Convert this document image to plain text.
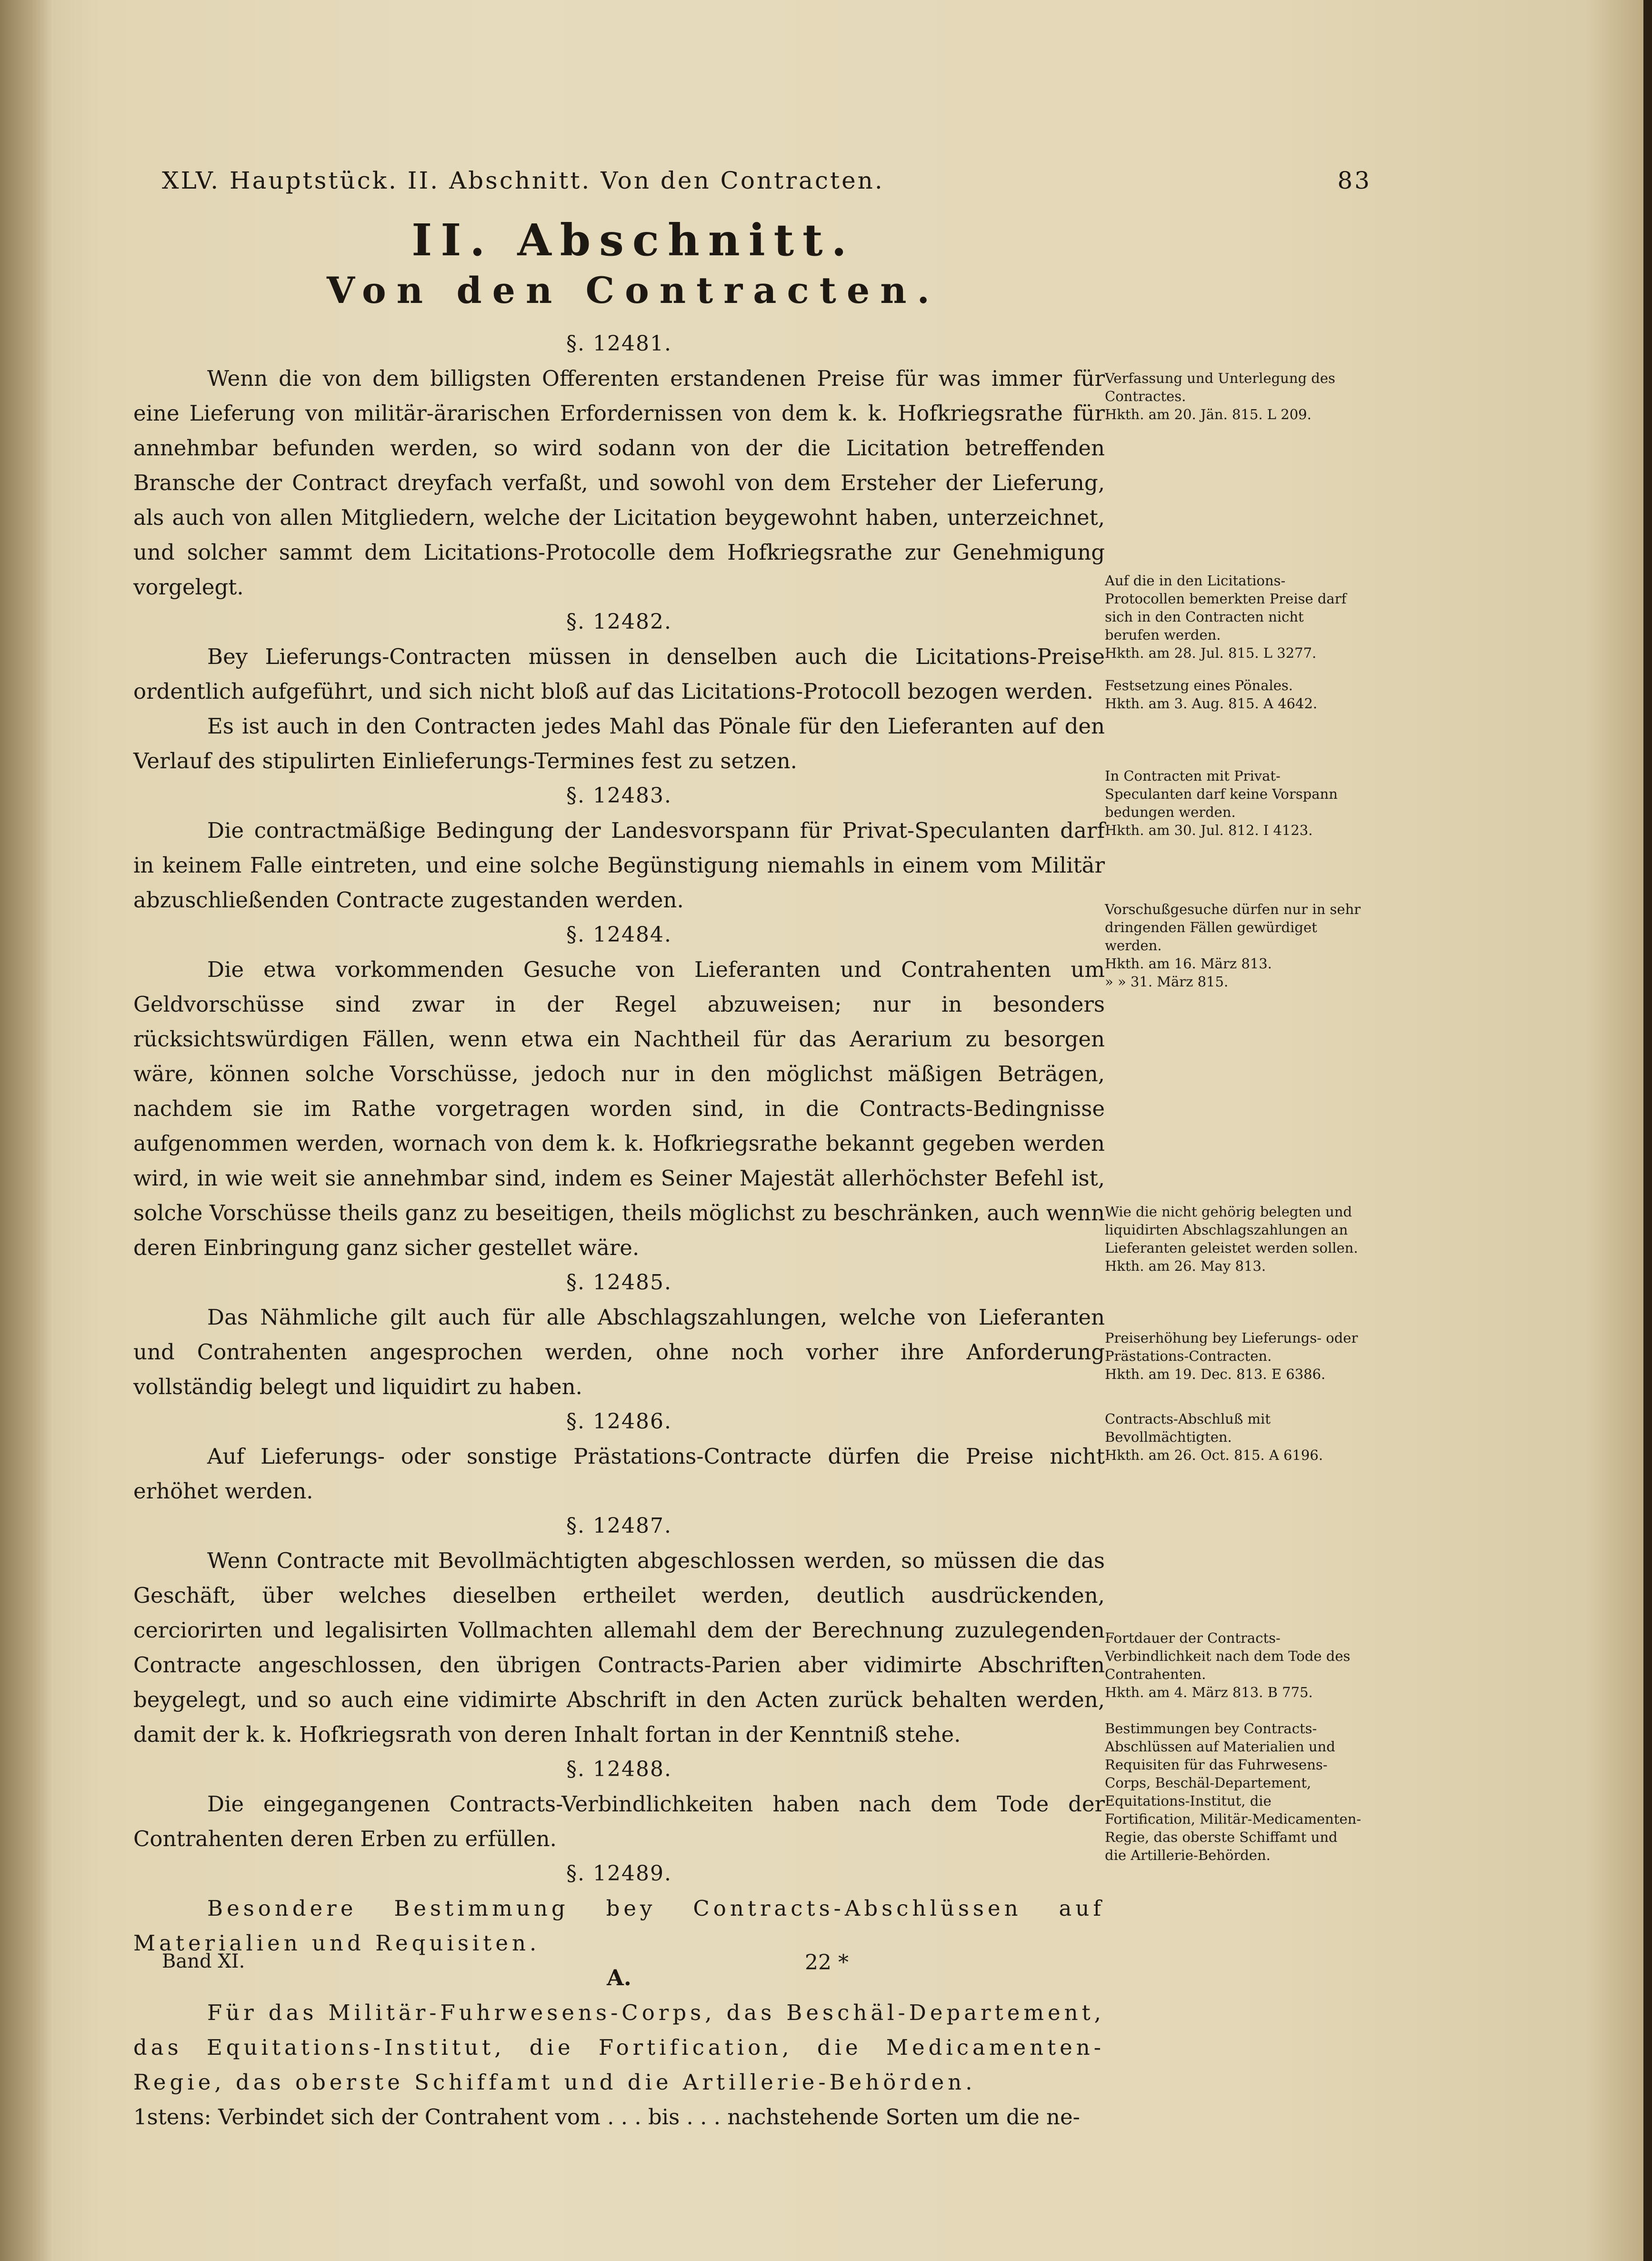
XLV. Hauptstück. II. Abschnitt. Von den Contracten.	83
II. Abschnitt.
Von den Contracten.
§. 12481.

Wenn die von dem billigsten Offerenten erstandenen Preise für was immer für eine Lieferung von militär-ärarischen Erfordernissen von dem k. k. Hofkriegsrathe für annehmbar befunden werden, so wird sodann von der die Licitation betreffenden Bransche der Contract dreyfach verfaßt, und sowohl von dem Ersteher der Lieferung, als auch von allen Mitgliedern, welche der Licitation beygewohnt haben, unterzeichnet, und solcher sammt dem Licitations-Protocolle dem Hofkriegsrathe zur Genehmigung vorgelegt.

§. 12482.

Bey Lieferungs-Contracten müssen in denselben auch die Licitations-Preise ordentlich aufgeführt, und sich nicht bloß auf das Licitations-Protocoll bezogen werden.

Es ist auch in den Contracten jedes Mahl das Pönale für den Lieferanten auf den Verlauf des stipulirten Einlieferungs-Termines fest zu setzen.

§. 12483.

Die contractmäßige Bedingung der Landesvorspann für Privat-Speculanten darf in keinem Falle eintreten, und eine solche Begünstigung niemahls in einem vom Militär abzuschließenden Contracte zugestanden werden.

§. 12484.

Die etwa vorkommenden Gesuche von Lieferanten und Contrahenten um Geldvorschüsse sind zwar in der Regel abzuweisen; nur in besonders rücksichtswürdigen Fällen, wenn etwa ein Nachtheil für das Aerarium zu besorgen wäre, können solche Vorschüsse, jedoch nur in den möglichst mäßigen Beträgen, nachdem sie im Rathe vorgetragen worden sind, in die Contracts-Bedingnisse aufgenommen werden, wornach von dem k. k. Hofkriegsrathe bekannt gegeben werden wird, in wie weit sie annehmbar sind, indem es Seiner Majestät allerhöchster Befehl ist, solche Vorschüsse theils ganz zu beseitigen, theils möglichst zu beschränken, auch wenn deren Einbringung ganz sicher gestellet wäre.

§. 12485.

Das Nähmliche gilt auch für alle Abschlagszahlungen, welche von Lieferanten und Contrahenten angesprochen werden, ohne noch vorher ihre Anforderung vollständig belegt und liquidirt zu haben.

§. 12486.

Auf Lieferungs- oder sonstige Prästations-Contracte dürfen die Preise nicht erhöhet werden.

§. 12487.

Wenn Contracte mit Bevollmächtigten abgeschlossen werden, so müssen die das Geschäft, über welches dieselben ertheilet werden, deutlich ausdrückenden, cerciorirten und legalisirten Vollmachten allemahl dem der Berechnung zuzulegenden Contracte angeschlossen, den übrigen Contracts-Parien aber vidimirte Abschriften beygelegt, und so auch eine vidimirte Abschrift in den Acten zurück behalten werden, damit der k. k. Hofkriegsrath von deren Inhalt fortan in der Kenntniß stehe.

§. 12488.

Die eingegangenen Contracts-Verbindlichkeiten haben nach dem Tode der Contrahenten deren Erben zu erfüllen.

§. 12489.

Besondere Bestimmung bey Contracts-Abschlüssen auf Materialien und Requisiten.

A.

Für das Militär-Fuhrwesens-Corps, das Beschäl-Departement, das Equitations-Institut, die Fortification, die Medicamenten-Regie, das oberste Schiffamt und die Artillerie-Behörden.

1stens: Verbindet sich der Contrahent vom . . . bis . . . nachstehende Sorten um die ne-

Verfassung und Unterlegung des Contractes.
Hkth. am 20. Jän. 815. L 209.
Auf die in den Licitations-Protocollen bemerkten Preise darf sich in den Contracten nicht berufen werden.
Hkth. am 28. Jul. 815. L 3277.
Festsetzung eines Pönales.
Hkth. am 3. Aug. 815. A 4642.
In Contracten mit Privat-Speculanten darf keine Vorspann bedungen werden.
Hkth. am 30. Jul. 812. I 4123.
Vorschußgesuche dürfen nur in sehr dringenden Fällen gewürdiget werden.
Hkth. am 16. März 813.
» » 31. März 815.
Wie die nicht gehörig belegten und liquidirten Abschlagszahlungen an Lieferanten geleistet werden sollen.
Hkth. am 26. May 813.
Preiserhöhung bey Lieferungs- oder Prästations-Contracten.
Hkth. am 19. Dec. 813. E 6386.
Contracts-Abschluß mit Bevollmächtigten.
Hkth. am 26. Oct. 815. A 6196.
Fortdauer der Contracts-Verbindlichkeit nach dem Tode des Contrahenten.
Hkth. am 4. März 813. B 775.
Bestimmungen bey Contracts-Abschlüssen auf Materialien und Requisiten für das Fuhrwesens-Corps, Beschäl-Departement, Equitations-Institut, die Fortification, Militär-Medicamenten-Regie, das oberste Schiffamt und die Artillerie-Behörden.
Band XI.	22 *
